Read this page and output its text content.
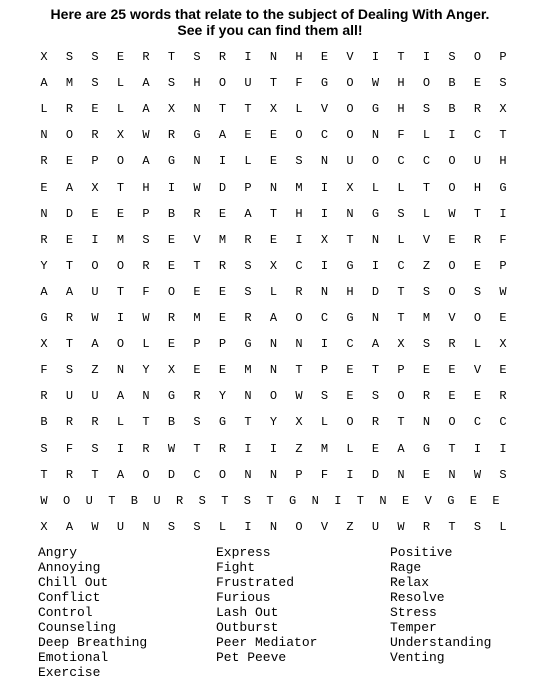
Here are 25 words that relate to the subject of Dealing With Anger.
See if you can find them all!
X	S	S	E	R	T	S	R	I	N	H	E	V	I	T	I	S	O	P
A	M	S	L	A	S	H	O	U	T	F	G	O	W	H	O	B	E	S
L	R	E	L	A	X	N	T	T	X	L	V	O	G	H	S	B	R	X
N	O	R	X	W	R	G	A	E	E	O	C	O	N	F	L	I	C	T
R	E	P	O	A	G	N	I	L	E	S	N	U	O	C	C	O	U	H
E	A	X	T	H	I	W	D	P	N	M	I	X	L	L	T	O	H	G
N	D	E	E	P	B	R	E	A	T	H	I	N	G	S	L	W	T	I
R	E	I	M	S	E	V	M	R	E	I	X	T	N	L	V	E	R	F
Y	T	O	O	R	E	T	R	S	X	C	I	G	I	C	Z	O	E	P
A	A	U	T	F	O	E	E	S	L	R	N	H	D	T	S	O	S	W
G	R	W	I	W	R	M	E	R	A	O	C	G	N	T	M	V	O	E
X	T	A	O	L	E	P	P	G	N	N	I	C	A	X	S	R	L	X
F	S	Z	N	Y	X	E	E	M	N	T	P	E	T	P	E	E	V	E
R	U	U	A	N	G	R	Y	N	O	W	S	E	S	O	R	E	E	R
B	R	R	L	T	B	S	G	T	Y	X	L	O	R	T	N	O	C	C
S	F	S	I	R	W	T	R	I	I	Z	M	L	E	A	G	T	I	I
T	R	T	A	O	D	C	O	N	N	P	F	I	D	N	E	N	W	S
W	O	U	T	B	U	R	S	T	S	T	G	N	I	T	N	E	V	G	E	E
X	A	W	U	N	S	S	L	I	N	O	V	Z	U	W	R	T	S	L
Angry
Annoying
Chill Out
Conflict
Control
Counseling
Deep Breathing
Emotional
Exercise
Express
Fight
Frustrated
Furious
Lash Out
Outburst
Peer Mediator
Pet Peeve
Positive
Rage
Relax
Resolve
Stress
Temper
Understanding
Venting
